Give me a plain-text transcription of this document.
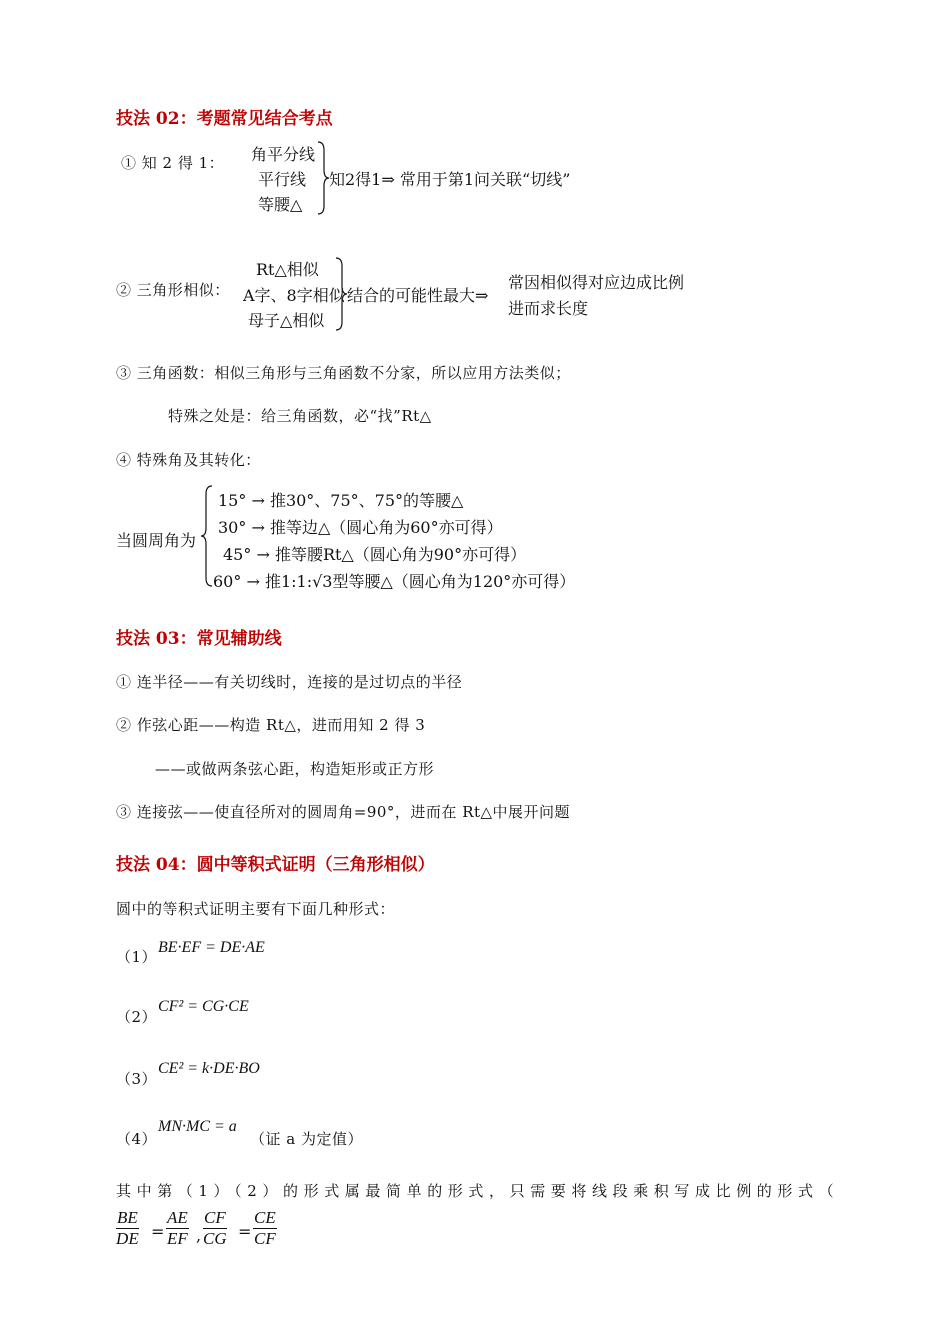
技法 02：考题常见结合考点
① 知 2 得 1： 角平分线
平行线
等腰△
知2得1⇒ 常用于第1问关联“切线”
② 三角形相似：
Rt△相似
A字、8字相似
母子△相似
结合的可能性最大⇒
常因相似得对应边成比例
进而求长度
③ 三角函数：相似三角形与三角函数不分家，所以应用方法类似；
特殊之处是：给三角函数，必“找”Rt△
④ 特殊角及其转化：
当圆周角为
15° → 推30°、75°、75°的等腰△
30° → 推等边△（圆心角为60°亦可得）
45° → 推等腰Rt△（圆心角为90°亦可得）
60° → 推1:1:√3型等腰△（圆心角为120°亦可得）
技法 03：常见辅助线
① 连半径——有关切线时，连接的是过切点的半径
② 作弦心距——构造 Rt△，进而用知 2 得 3
——或做两条弦心距，构造矩形或正方形
③ 连接弦——使直径所对的圆周角=90°，进而在 Rt△中展开问题
技法 04：圆中等积式证明（三角形相似）
圆中的等积式证明主要有下面几种形式：
（1）
BE·EF = DE·AE
（2）
CF² = CG·CE
（3）
CE² = k·DE·BO
（4）
MN·MC = a
（证 a 为定值）
其中第（1）（2）的形式属最简单的形式，只需要将线段乘积写成比例的形式（
$\frac{BE}{DE} = \frac{AE}{EF}$ , $\frac{CF}{CG} = \frac{CE}{CF}$
